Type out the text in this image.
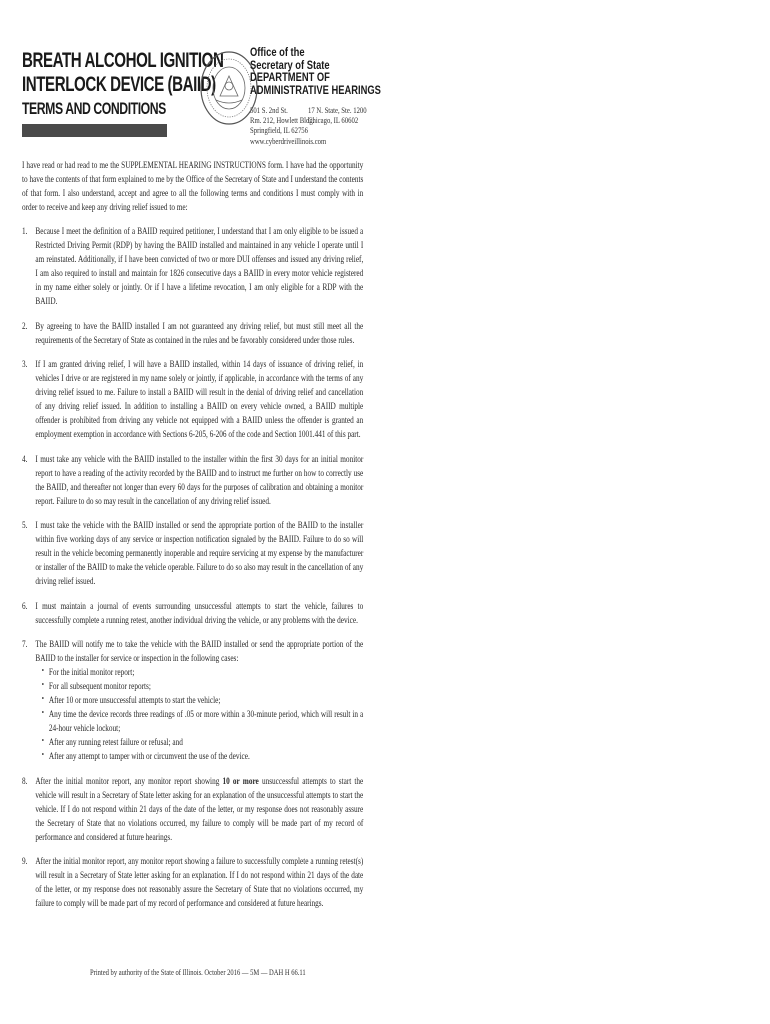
BREATH ALCOHOL IGNITION
INTERLOCK DEVICE (BAIID)
TERMS AND CONDITIONS
Office of the
Secretary of State
DEPARTMENT OF
ADMINISTRATIVE HEARINGS
501 S. 2nd St.
Rm. 212, Howlett Bldg.
Springfield, IL 62756
17 N. State, Ste. 1200
Chicago, IL 60602
www.cyberdriveillinois.com

I have read or had read to me the SUPPLEMENTAL HEARING INSTRUCTIONS form. I have had the opportunity to have the contents of that form explained to me by the Office of the Secretary of State and I understand the contents of that form. I also understand, accept and agree to all the following terms and conditions I must comply with in order to receive and keep any driving relief issued to me:

1. Because I meet the definition of a BAIID required petitioner, I understand that I am only eligible to be issued a Restricted Driving Permit (RDP) by having the BAIID installed and maintained in any vehicle I operate until I am reinstated. Additionally, if I have been convicted of two or more DUI offenses and issued any driving relief, I am also required to install and maintain for 1826 consecutive days a BAIID in every motor vehicle registered in my name either solely or jointly. Or if I have a lifetime revocation, I am only eligible for a RDP with the BAIID.
2. By agreeing to have the BAIID installed I am not guaranteed any driving relief, but must still meet all the requirements of the Secretary of State as contained in the rules and be favorably considered under those rules.
3. If I am granted driving relief, I will have a BAIID installed, within 14 days of issuance of driving relief, in vehicles I drive or are registered in my name solely or jointly, if applicable, in accordance with the terms of any driving relief issued to me. Failure to install a BAIID will result in the denial of driving relief and cancellation of any driving relief issued. In addition to installing a BAIID on every vehicle owned, a BAIID multiple offender is prohibited from driving any vehicle not equipped with a BAIID unless the offender is granted an employment exemption in accordance with Sections 6-205, 6-206 of the code and Section 1001.441 of this part.
4. I must take any vehicle with the BAIID installed to the installer within the first 30 days for an initial monitor report to have a reading of the activity recorded by the BAIID and to instruct me further on how to correctly use the BAIID, and thereafter not longer than every 60 days for the purposes of calibration and obtaining a monitor report. Failure to do so may result in the cancellation of any driving relief issued.
5. I must take the vehicle with the BAIID installed or send the appropriate portion of the BAIID to the installer within five working days of any service or inspection notification signaled by the BAIID. Failure to do so will result in the vehicle becoming permanently inoperable and require servicing at my expense by the manufacturer or installer of the BAIID to make the vehicle operable. Failure to do so also may result in the cancellation of any driving relief issued.
6. I must maintain a journal of events surrounding unsuccessful attempts to start the vehicle, failures to successfully complete a running retest, another individual driving the vehicle, or any problems with the device.
7. The BAIID will notify me to take the vehicle with the BAIID installed or send the appropriate portion of the BAIID to the installer for service or inspection in the following cases:
• For the initial monitor report;
• For all subsequent monitor reports;
• After 10 or more unsuccessful attempts to start the vehicle;
• Any time the device records three readings of .05 or more within a 30-minute period, which will result in a 24-hour vehicle lockout;
• After any running retest failure or refusal; and
• After any attempt to tamper with or circumvent the use of the device.
8. After the initial monitor report, any monitor report showing 10 or more unsuccessful attempts to start the vehicle will result in a Secretary of State letter asking for an explanation of the unsuccessful attempts to start the vehicle. If I do not respond within 21 days of the date of the letter, or my response does not reasonably assure the Secretary of State that no violations occurred, my failure to comply will be made part of my record of performance and considered at future hearings.
9. After the initial monitor report, any monitor report showing a failure to successfully complete a running retest(s) will result in a Secretary of State letter asking for an explanation. If I do not respond within 21 days of the date of the letter, or my response does not reasonably assure the Secretary of State that no violations occurred, my failure to comply will be made part of my record of performance and considered at future hearings.
Printed by authority of the State of Illinois. October 2016 — 5M — DAH H 66.11
